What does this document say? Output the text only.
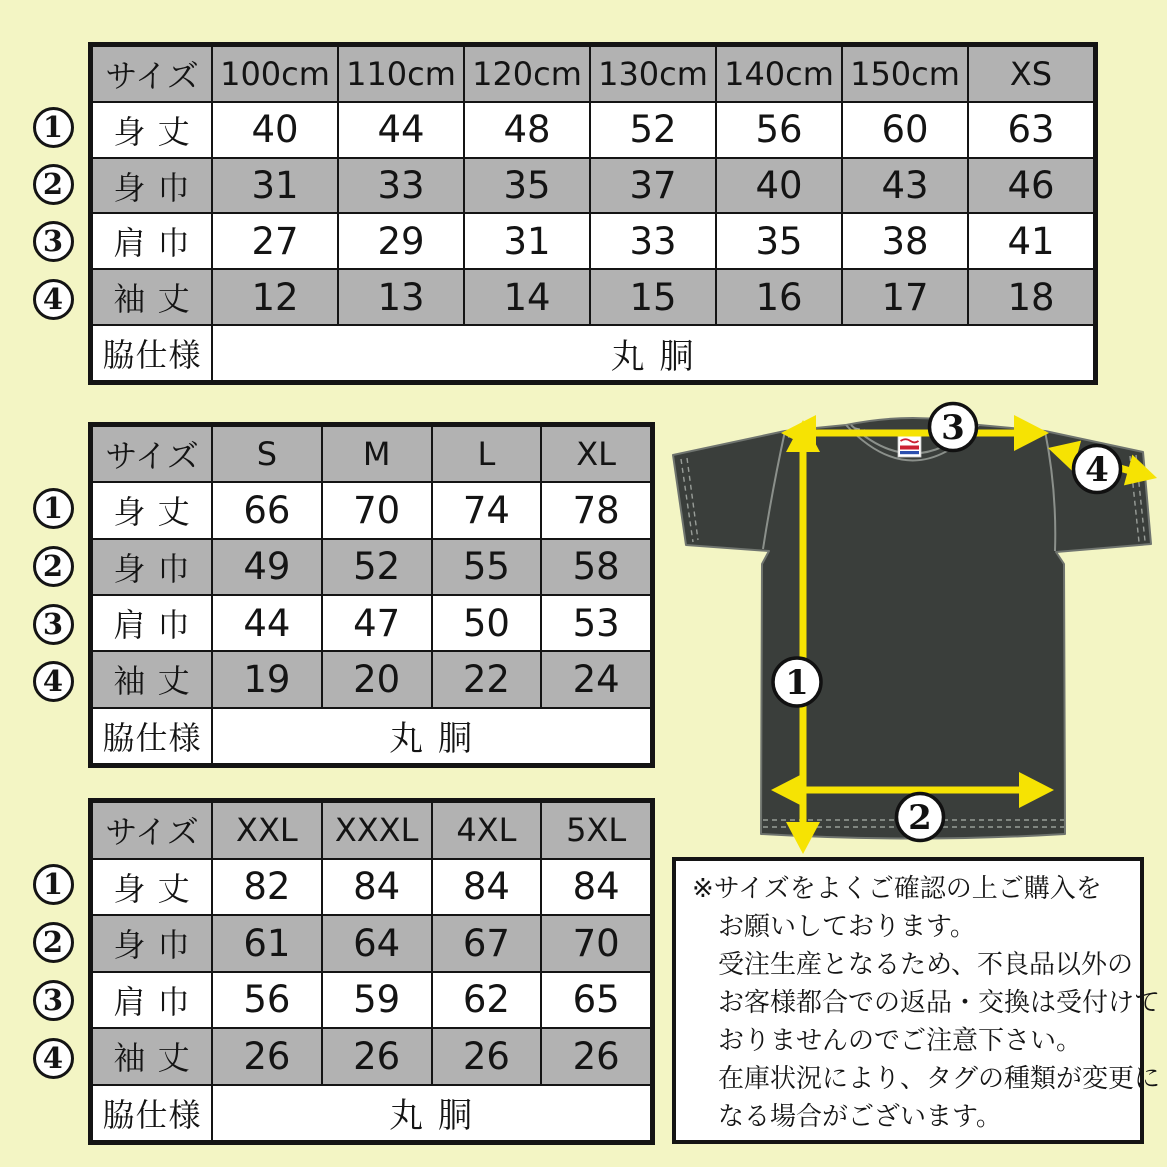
1
2
3
4
1
2
3
4
1
2
3
4
サイズ 100cm 110cm 120cm 130cm 140cm 150cm	XS
身 丈	40	44	48	52	56	60	63
身 巾	31	33	35	37	40	43	46
肩 巾	27	29	31	33	35	38	41
袖 丈	12	13	14	15	16	17	18
脇仕様	丸 胴
サイズ	S	M	L	XL
身 丈	66	70	74	78
身 巾	49	52	55	58
肩 巾	44	47	50	53
袖 丈	19	20	22	24
脇仕様	丸 胴
サイズ	XXL	XXXL	4XL	5XL
身 丈	82	84	84	84
身 巾	61	64	67	70
肩 巾	56	59	62	65
袖 丈	26	26	26	26
脇仕様	丸 胴
1
2
3
4
※サイズをよくご確認の上ご購入を
お願いしております。
受注生産となるため、不良品以外の
お客様都合での返品・交換は受付けて
おりませんのでご注意下さい。
在庫状況により、タグの種類が変更に
なる場合がございます。
